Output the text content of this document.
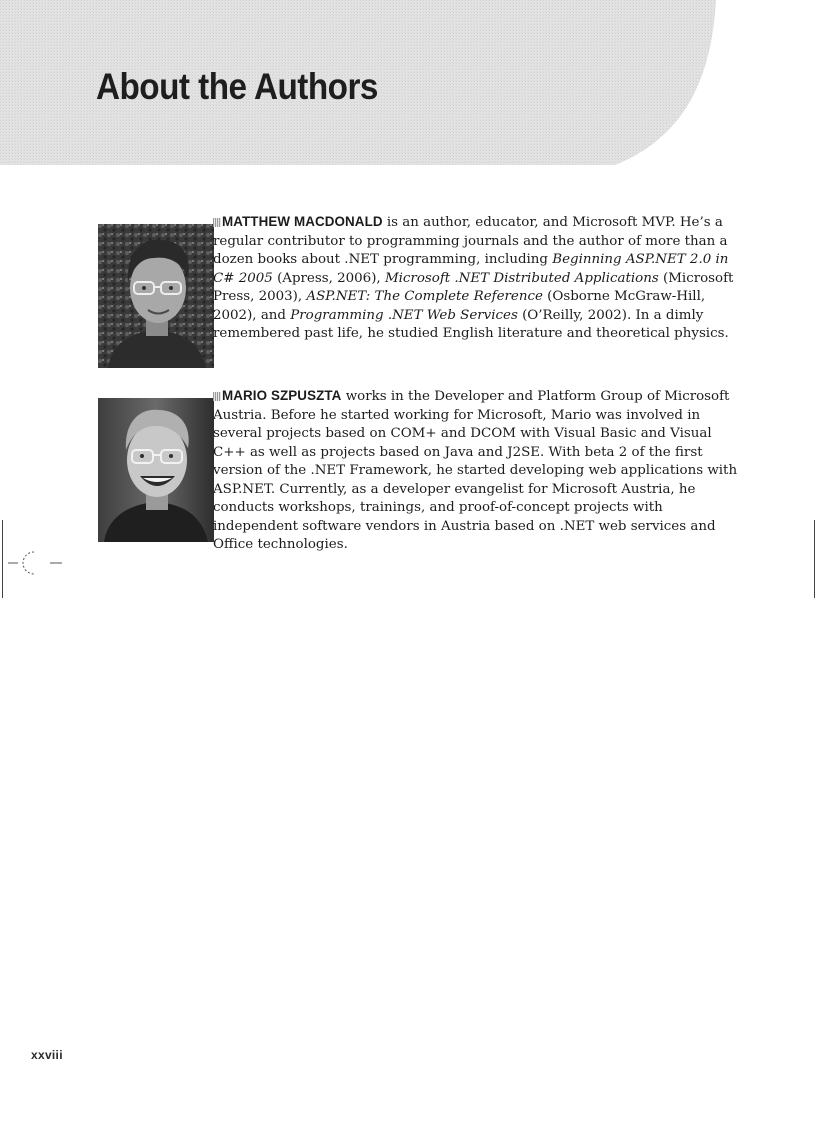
About the Authors

MATTHEW MACDONALD is an author, educator, and Microsoft MVP. He’s a regular contributor to programming journals and the author of more than a dozen books about .NET programming, including Beginning ASP.NET 2.0 in C# 2005 (Apress, 2006), Microsoft .NET Distributed Applications (Microsoft Press, 2003), ASP.NET: The Complete Reference (Osborne McGraw-Hill, 2002), and Programming .NET Web Services (O’Reilly, 2002). In a dimly remembered past life, he studied English literature and theoretical physics.

MARIO SZPUSZTA works in the Developer and Platform Group of Microsoft Austria. Before he started working for Microsoft, Mario was involved in several projects based on COM+ and DCOM with Visual Basic and Visual C++ as well as projects based on Java and J2SE. With beta 2 of the first version of the .NET Framework, he started developing web applications with ASP.NET. Currently, as a developer evangelist for Microsoft Austria, he conducts workshops, trainings, and proof-of-concept projects with independent software vendors in Austria based on .NET web services and Office technologies.

xxviii
